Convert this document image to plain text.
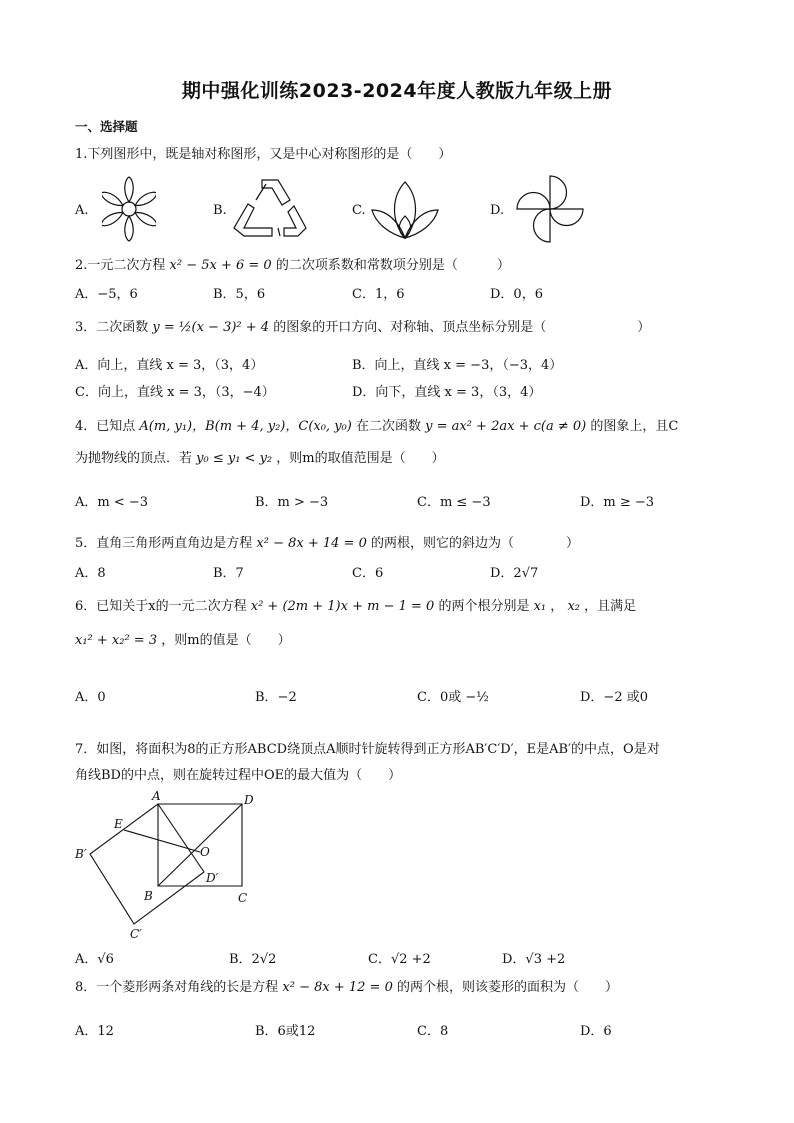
期中强化训练2023-2024年度人教版九年级上册
一、选择题
1.下列图形中，既是轴对称图形，又是中心对称图形的是（　　）
A.	B.	C.	D.
2.一元二次方程 x² − 5x + 6 = 0 的二次项系数和常数项分别是（　　　）
A．−5，6	B．5，6	C．1，6	D．0，6
3．二次函数 y = ½(x − 3)² + 4 的图象的开口方向、对称轴、顶点坐标分别是（　　　　　　　）
A．向上，直线 x = 3，（3，4）	B．向上，直线 x = −3，（−3，4）
C．向上，直线 x = 3，（3，−4）	D．向下，直线 x = 3，（3，4）
4．已知点 A(m, y₁)，B(m + 4, y₂)，C(x₀, y₀) 在二次函数 y = ax² + 2ax + c(a ≠ 0) 的图象上，且C
为抛物线的顶点．若 y₀ ≤ y₁ < y₂ ，则m的取值范围是（　　）
A．m < −3	B．m > −3	C．m ≤ −3	D．m ≥ −3
5．直角三角形两直角边是方程 x² − 8x + 14 = 0 的两根，则它的斜边为（　　　　）
A．8	B．7	C．6	D．2√7
6．已知关于x的一元二次方程 x² + (2m + 1)x + m − 1 = 0 的两个根分别是 x₁ ， x₂ ，且满足
x₁² + x₂² = 3 ，则m的值是（　　）
A．0	B．−2	C．0或 −½	D．−2 或0
7．如图，将面积为8的正方形ABCD绕顶点A顺时针旋转得到正方形AB′C′D′，E是AB′的中点，O是对
角线BD的中点，则在旋转过程中OE的最大值为（　　）
A	D
E
B′	O
D′
B	C
C′
A．√6	B．2√2	C．√2 +2	D．√3 +2
8．一个菱形两条对角线的长是方程 x² − 8x + 12 = 0 的两个根，则该菱形的面积为（　　）
A．12	B．6或12	C．8	D．6
